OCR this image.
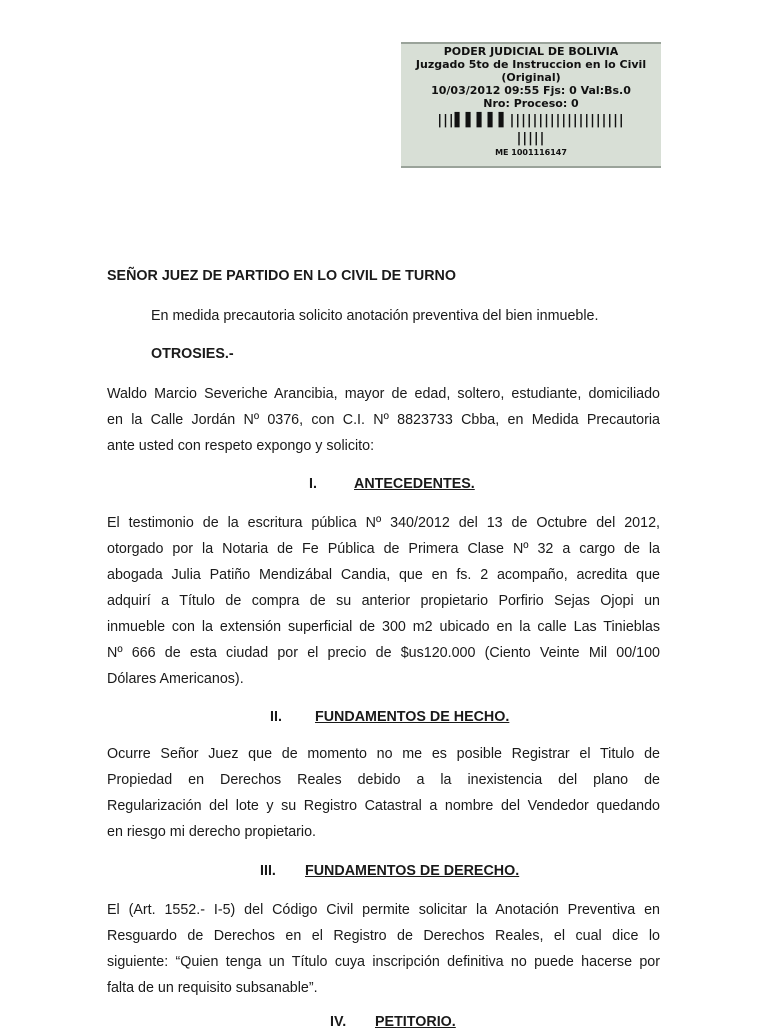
PODER JUDICIAL DE BOLIVIA
Juzgado 5to de Instruccion en lo Civil
(Original)
10/03/2012 09:55 Fjs: 0 Val:Bs.0
Nro: Proceso: 0
|||▌▌▌▌▌||||||||||||||||||||
|||||
ME 1001116147
SEÑOR JUEZ DE PARTIDO EN LO CIVIL DE TURNO
En medida precautoria solicito anotación preventiva del bien inmueble.
OTROSIES.-
Waldo Marcio Severiche Arancibia, mayor de edad, soltero, estudiante, domiciliado
en la Calle Jordán Nº 0376, con C.I. Nº 8823733 Cbba, en Medida Precautoria
ante usted con respeto expongo y solicito:
I.	ANTECEDENTES.
El testimonio de la escritura pública Nº 340/2012 del 13 de Octubre del 2012,
otorgado por la Notaria de Fe Pública de Primera Clase Nº 32 a cargo de la
abogada Julia Patiño Mendizábal Candia, que en fs. 2 acompaño, acredita que
adquirí a Título de compra de su anterior propietario Porfirio Sejas Ojopi un
inmueble con la extensión superficial de 300 m2 ubicado en la calle Las Tinieblas
Nº 666 de esta ciudad por el precio de $us120.000 (Ciento Veinte Mil 00/100
Dólares Americanos).
II. FUNDAMENTOS DE HECHO.
Ocurre Señor Juez que de momento no me es posible Registrar el Titulo de
Propiedad en Derechos Reales debido a la inexistencia del plano de
Regularización del lote y su Registro Catastral a nombre del Vendedor quedando
en riesgo mi derecho propietario.
III. FUNDAMENTOS DE DERECHO.
El (Art. 1552.- I-5) del Código Civil permite solicitar la Anotación Preventiva en
Resguardo de Derechos en el Registro de Derechos Reales, el cual dice lo
siguiente: “Quien tenga un Título cuya inscripción definitiva no puede hacerse por
falta de un requisito subsanable”.
IV. PETITORIO.
